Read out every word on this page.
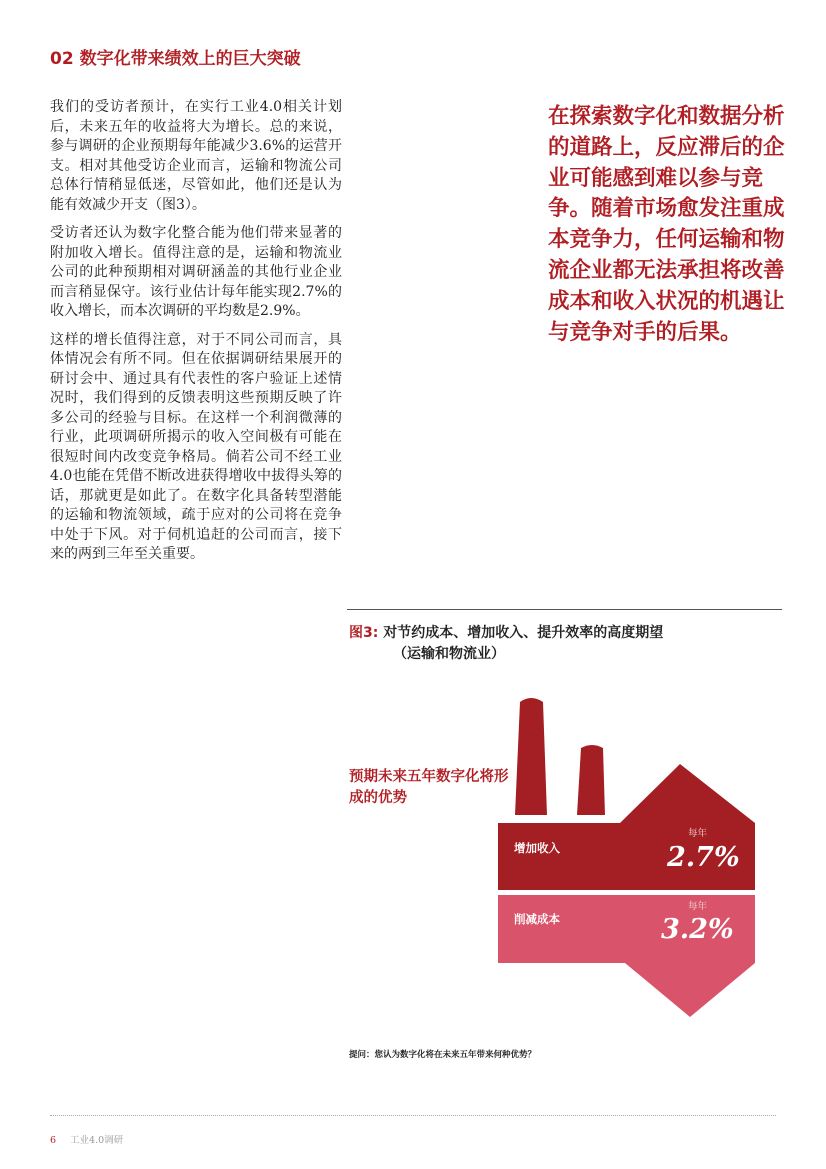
02 数字化带来绩效上的巨大突破

我们的受访者预计，在实行工业4.0相关计划后，未来五年的收益将大为增长。总的来说，参与调研的企业预期每年能减少3.6%的运营开支。相对其他受访企业而言，运输和物流公司总体行情稍显低迷，尽管如此，他们还是认为能有效减少开支（图3）。

受访者还认为数字化整合能为他们带来显著的附加收入增长。值得注意的是，运输和物流业公司的此种预期相对调研涵盖的其他行业企业而言稍显保守。该行业估计每年能实现2.7%的收入增长，而本次调研的平均数是2.9%。

这样的增长值得注意，对于不同公司而言，具体情况会有所不同。但在依据调研结果展开的研讨会中、通过具有代表性的客户验证上述情况时，我们得到的反馈表明这些预期反映了许多公司的经验与目标。在这样一个利润微薄的行业，此项调研所揭示的收入空间极有可能在很短时间内改变竞争格局。倘若公司不经工业4.0也能在凭借不断改进获得增收中拔得头筹的话，那就更是如此了。在数字化具备转型潜能的运输和物流领域，疏于应对的公司将在竞争中处于下风。对于伺机追赶的公司而言，接下来的两到三年至关重要。

在探索数字化和数据分析的道路上，反应滞后的企业可能感到难以参与竞争。随着市场愈发注重成本竞争力，任何运输和物流企业都无法承担将改善成本和收入状况的机遇让与竞争对手的后果。
图3: 对节约成本、增加收入、提升效率的高度期望
（运输和物流业）
预期未来五年数字化将形成的优势
增加收入
每年
2.7%
削减成本
每年
3.2%
提问：您认为数字化将在未来五年带来何种优势？
6 工业4.0调研
